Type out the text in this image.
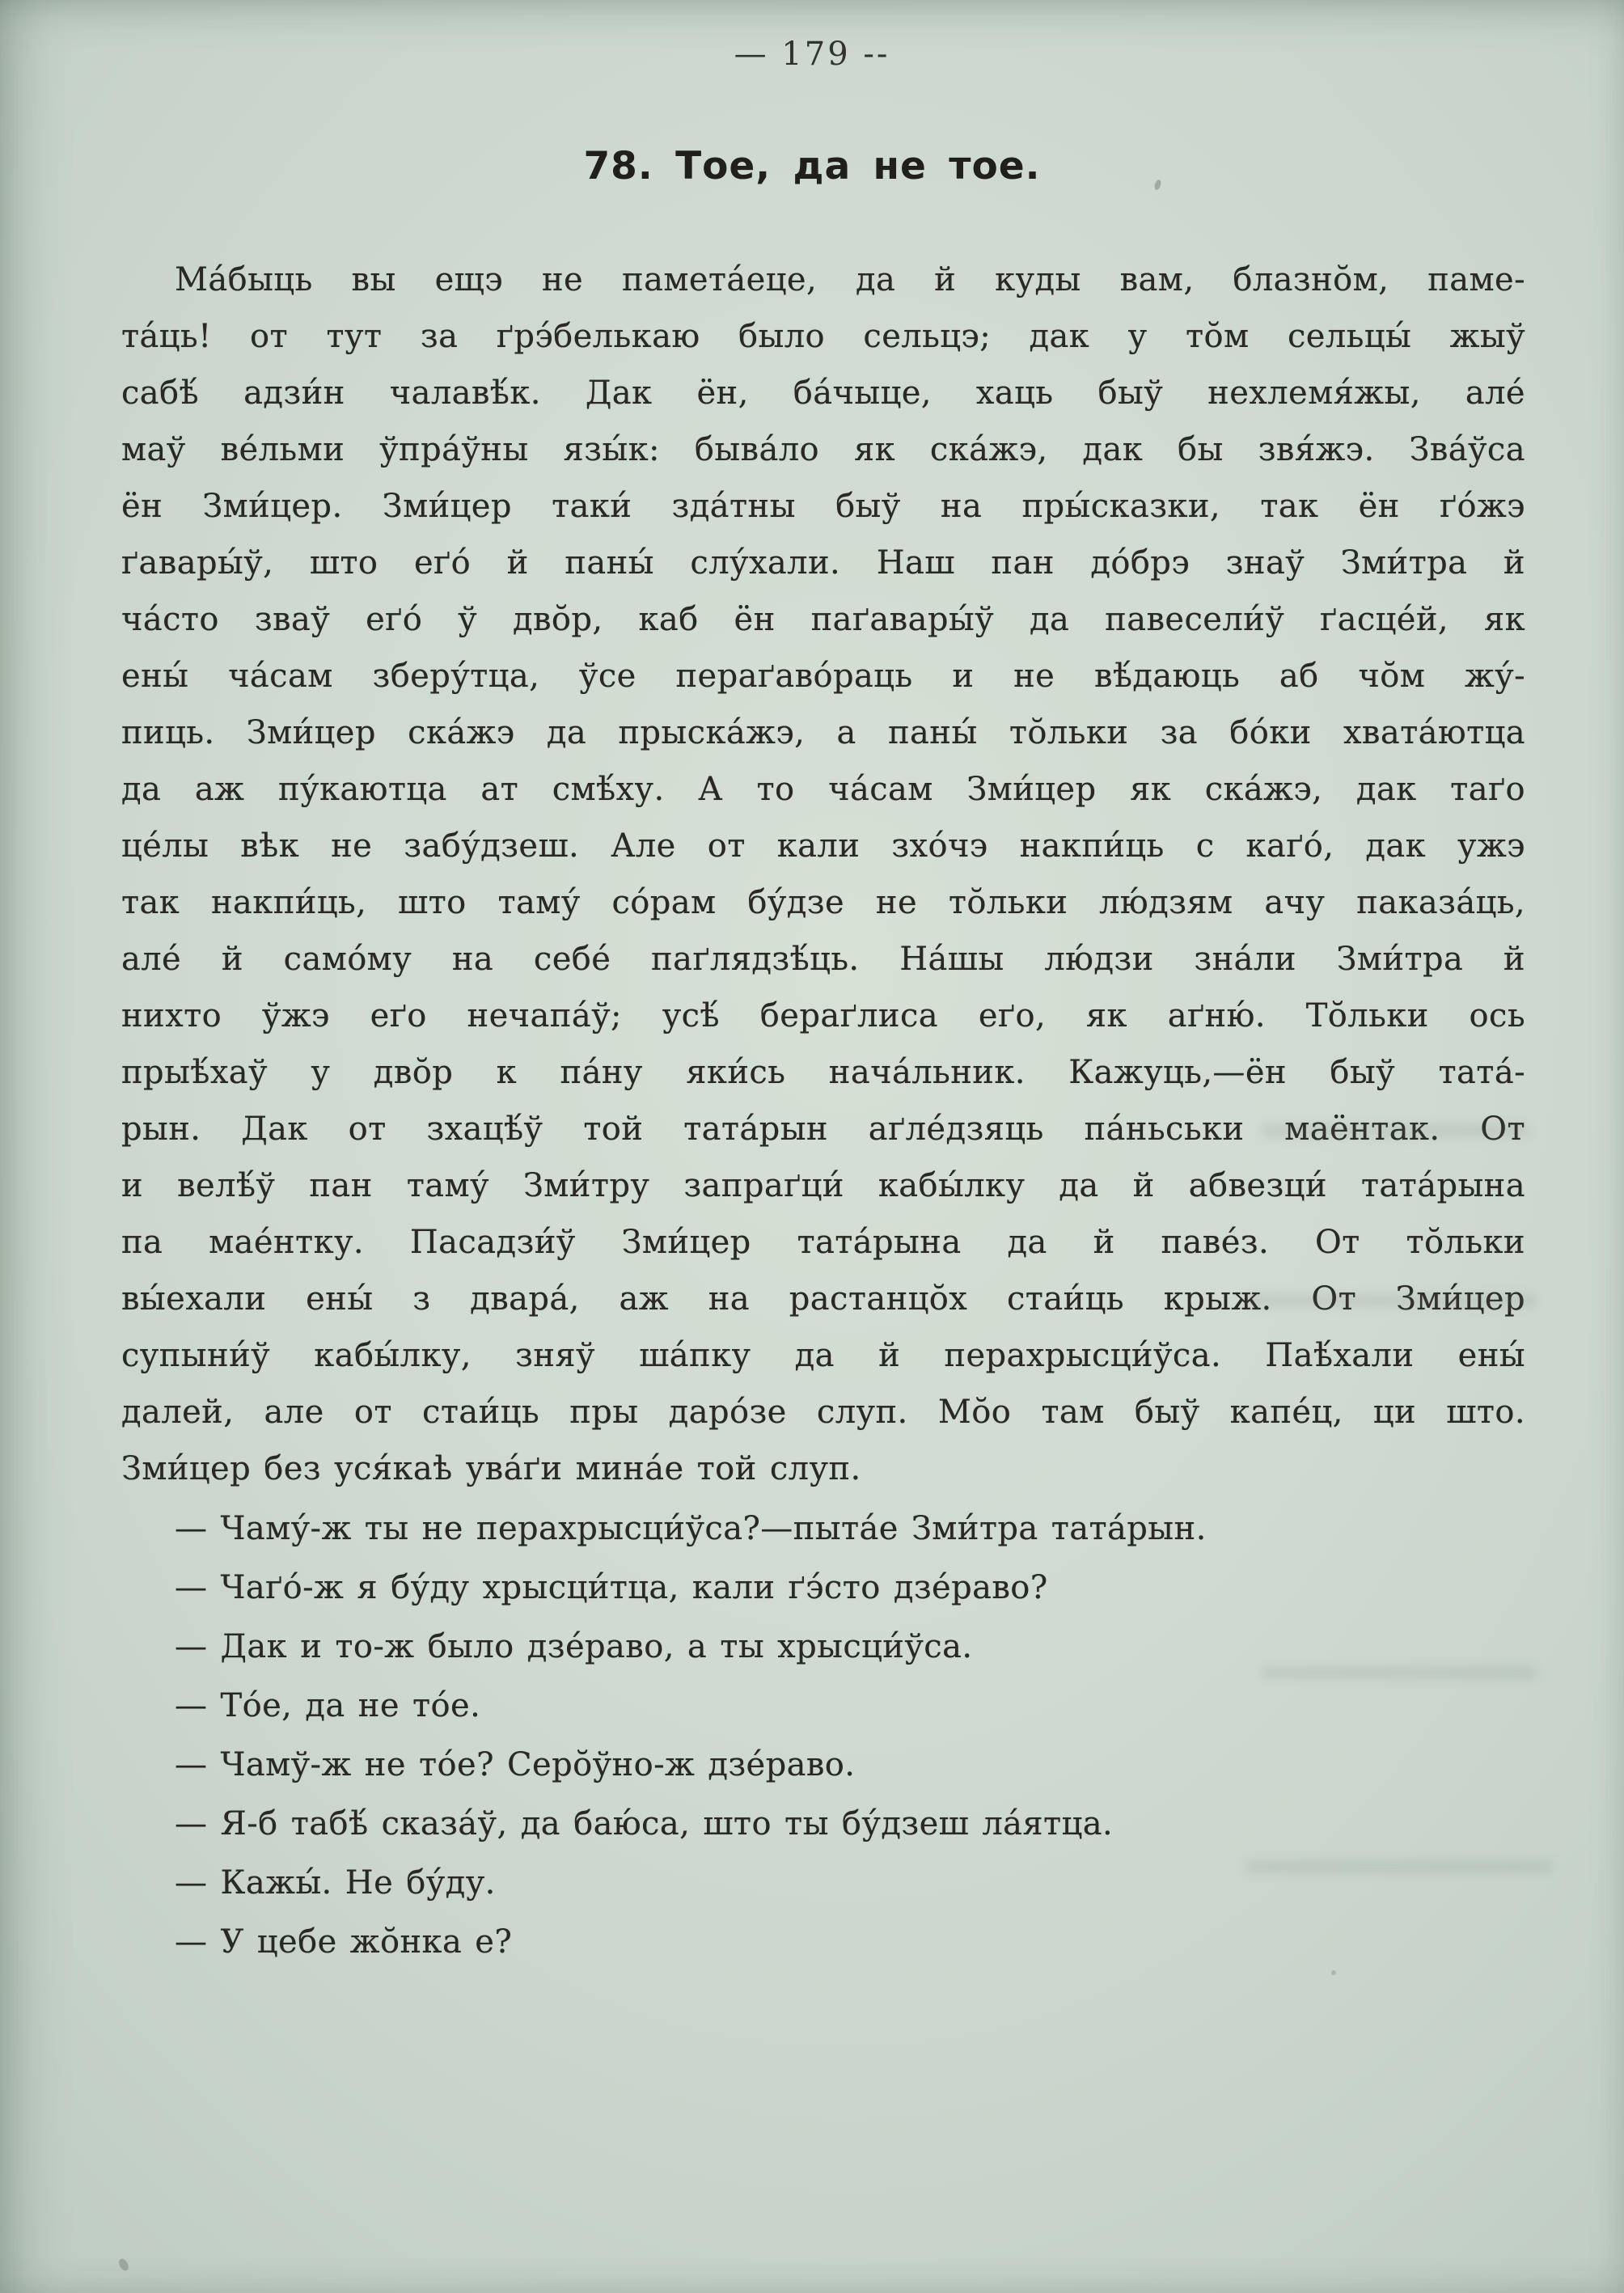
— 179 --
78. Тое, да не тое.
Ма́быць вы ещэ не памета́еце, да й куды вам, блазно̆м, паме-
та́ць! от тут за ґрэ́белькаю было сельцэ; дак у то̆м сельцы́ жыў
сабѣ́ адзи́н чалавѣ́к. Дак ён, ба́чыце, хаць быў нехлемя́жы, але́
маў ве́льми ўпра́ўны язы́к: быва́ло як ска́жэ, дак бы звя́жэ. Зва́ўса
ён Зми́цер. Зми́цер таки́ зда́тны быў на пры́сказки, так ён ґо́жэ
ґавары́ў, што еґо́ й паны́ слу́хали. Наш пан до́брэ знаў Зми́тра й
ча́сто зваў еґо́ ў дво̆р, каб ён паґавары́ў да павесели́ў ґасце́й, як
ены́ ча́сам зберу́тца, ўсе пераґаво́раць и не вѣ́даюць аб чо̆м жу́-
пиць. Зми́цер ска́жэ да прыска́жэ, а паны́ то̆льки за бо́ки хвата́ютца
да аж пу́каютца ат смѣ́ху. А то ча́сам Зми́цер як ска́жэ, дак таґо
це́лы вѣк не забу́дзеш. Але от кали зхо́чэ накпи́ць с каґо́, дак ужэ
так накпи́ць, што таму́ со́рам бу́дзе не то̆льки лю́дзям ачу паказа́ць,
але́ й само́му на себе́ паґлядзѣ́ць. На́шы лю́дзи зна́ли Зми́тра й
нихто ўжэ еґо нечапа́ў; усѣ́ бераґлиса еґо, як аґню́. То̆льки ось
прыѣ́хаў у дво̆р к па́ну яки́сь нача́льник. Кажуць,—ён быў тата́-
рын. Дак от зхацѣ́ў той тата́рын аґле́дзяць па́ньськи маёнтак. От
и велѣ́ў пан таму́ Зми́тру запраґци́ кабы́лку да й абвезци́ тата́рына
па мае́нтку. Пасадзи́ў Зми́цер тата́рына да й паве́з. От то̆льки
вы́ехали ены́ з двара́, аж на растанцо̆х стаи́ць крыж. От Зми́цер
супыни́ў кабы́лку, зняў ша́пку да й перахрысци́ўса. Паѣ́хали ены́
далей, але от стаи́ць пры даро́зе слуп. Мо̆о там быў капе́ц, ци што.
Зми́цер без уся́каѣ ува́ґи мина́е той слуп.
— Чаму́-ж ты не перахрысци́ўса?—пыта́е Зми́тра тата́рын.
— Чаґо́-ж я бу́ду хрысци́тца, кали ґэ́сто дзе́раво?
— Дак и то-ж было дзе́раво, а ты хрысци́ўса.
— То́е, да не то́е.
— Чамў-ж не то́е? Серо̆ўно-ж дзе́раво.
— Я-б табѣ́ сказа́ў, да баю́са, што ты бу́дзеш ла́ятца.
— Кажы́. Не бу́ду.
— У цебе жо̆нка е?
